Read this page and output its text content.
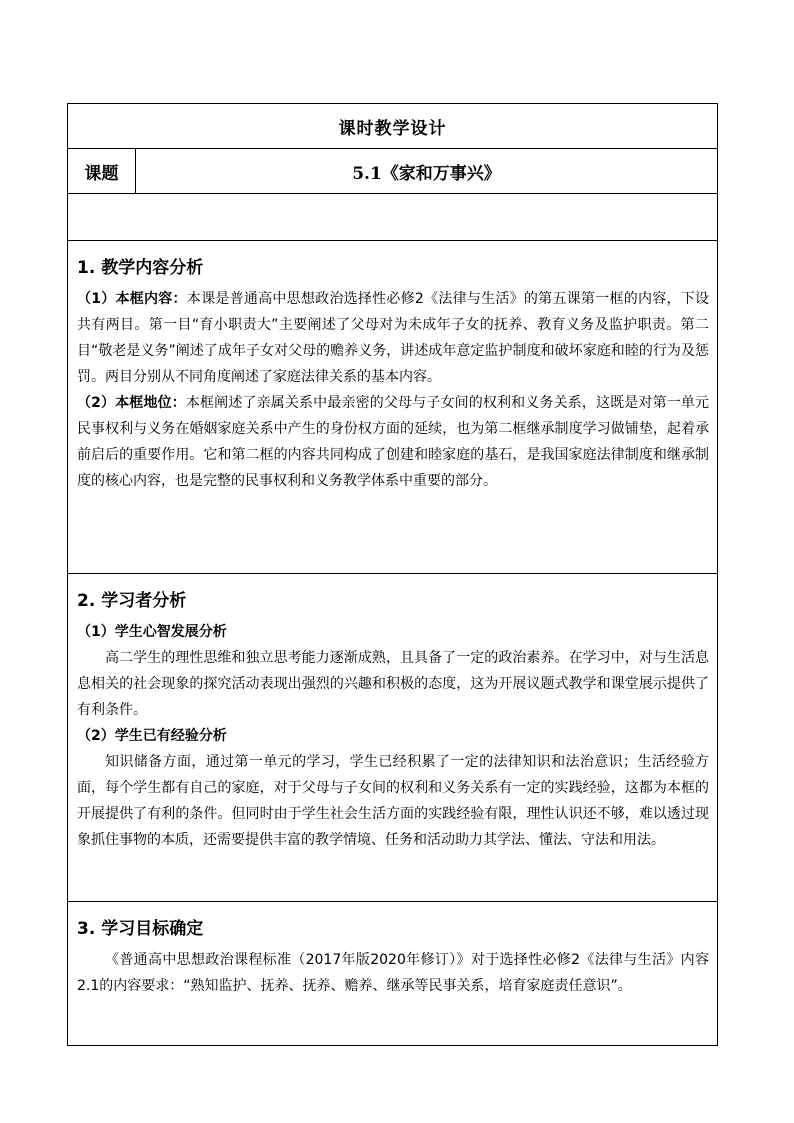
课时教学设计
课题	5.1《家和万事兴》

1. 教学内容分析

（1）本框内容：本课是普通高中思想政治选择性必修2《法律与生活》的第五课第一框的内容，下设共有两目。第一目“育小职责大”主要阐述了父母对为未成年子女的抚养、教育义务及监护职责。第二目“敬老是义务”阐述了成年子女对父母的赡养义务，讲述成年意定监护制度和破坏家庭和睦的行为及惩罚。两目分别从不同角度阐述了家庭法律关系的基本内容。

（2）本框地位：本框阐述了亲属关系中最亲密的父母与子女间的权利和义务关系，这既是对第一单元民事权利与义务在婚姻家庭关系中产生的身份权方面的延续，也为第二框继承制度学习做铺垫，起着承前启后的重要作用。它和第二框的内容共同构成了创建和睦家庭的基石，是我国家庭法律制度和继承制度的核心内容，也是完整的民事权利和义务教学体系中重要的部分。

2. 学习者分析
（1）学生心智发展分析

高二学生的理性思维和独立思考能力逐渐成熟，且具备了一定的政治素养。在学习中，对与生活息息相关的社会现象的探究活动表现出强烈的兴趣和积极的态度，这为开展议题式教学和课堂展示提供了有利条件。

（2）学生已有经验分析

知识储备方面，通过第一单元的学习，学生已经积累了一定的法律知识和法治意识；生活经验方面，每个学生都有自己的家庭，对于父母与子女间的权利和义务关系有一定的实践经验，这都为本框的开展提供了有利的条件。但同时由于学生社会生活方面的实践经验有限，理性认识还不够，难以透过现象抓住事物的本质，还需要提供丰富的教学情境、任务和活动助力其学法、懂法、守法和用法。

3. 学习目标确定

《普通高中思想政治课程标准（2017年版2020年修订）》对于选择性必修2《法律与生活》内容2.1的内容要求：“熟知监护、抚养、抚养、赡养、继承等民事关系，培育家庭责任意识”。
